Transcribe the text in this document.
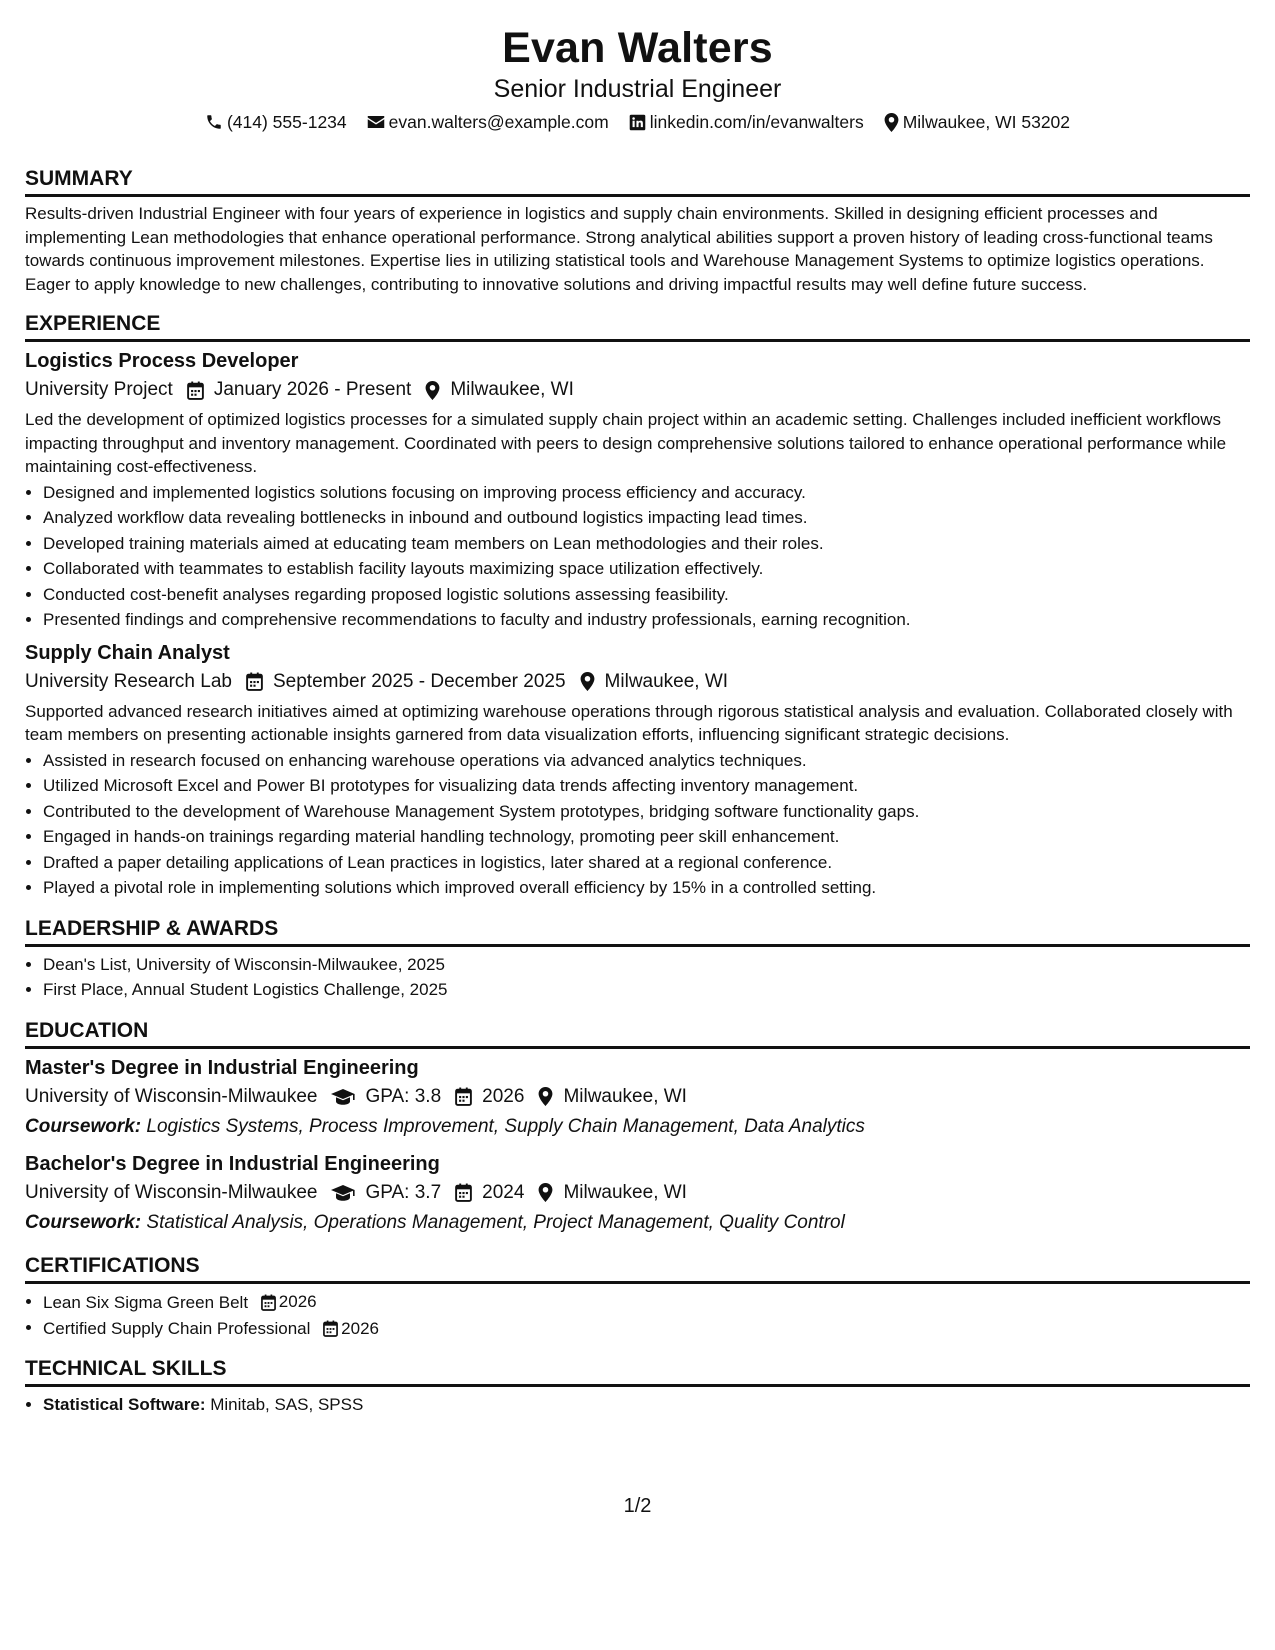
Evan Walters
Senior Industrial Engineer
(414) 555-1234 evan.walters@example.com linkedin.com/in/evanwalters Milwaukee, WI 53202
SUMMARY

Results-driven Industrial Engineer with four years of experience in logistics and supply chain environments. Skilled in designing efficient processes and implementing Lean methodologies that enhance operational performance. Strong analytical abilities support a proven history of leading cross-functional teams towards continuous improvement milestones. Expertise lies in utilizing statistical tools and Warehouse Management Systems to optimize logistics operations. Eager to apply knowledge to new challenges, contributing to innovative solutions and driving impactful results may well define future success.

EXPERIENCE
Logistics Process Developer
University Project January 2026 - Present Milwaukee, WI

Led the development of optimized logistics processes for a simulated supply chain project within an academic setting. Challenges included inefficient workflows impacting throughput and inventory management. Coordinated with peers to design comprehensive solutions tailored to enhance operational performance while maintaining cost-effectiveness.

• Designed and implemented logistics solutions focusing on improving process efficiency and accuracy.
• Analyzed workflow data revealing bottlenecks in inbound and outbound logistics impacting lead times.
• Developed training materials aimed at educating team members on Lean methodologies and their roles.
• Collaborated with teammates to establish facility layouts maximizing space utilization effectively.
• Conducted cost-benefit analyses regarding proposed logistic solutions assessing feasibility.
• Presented findings and comprehensive recommendations to faculty and industry professionals, earning recognition.
Supply Chain Analyst
University Research Lab September 2025 - December 2025 Milwaukee, WI

Supported advanced research initiatives aimed at optimizing warehouse operations through rigorous statistical analysis and evaluation. Collaborated closely with team members on presenting actionable insights garnered from data visualization efforts, influencing significant strategic decisions.

• Assisted in research focused on enhancing warehouse operations via advanced analytics techniques.
• Utilized Microsoft Excel and Power BI prototypes for visualizing data trends affecting inventory management.
• Contributed to the development of Warehouse Management System prototypes, bridging software functionality gaps.
• Engaged in hands-on trainings regarding material handling technology, promoting peer skill enhancement.
• Drafted a paper detailing applications of Lean practices in logistics, later shared at a regional conference.
• Played a pivotal role in implementing solutions which improved overall efficiency by 15% in a controlled setting.
LEADERSHIP & AWARDS
• Dean's List, University of Wisconsin-Milwaukee, 2025
• First Place, Annual Student Logistics Challenge, 2025
EDUCATION
Master's Degree in Industrial Engineering
University of Wisconsin-Milwaukee	GPA: 3.8 2026 Milwaukee, WI
Coursework: Logistics Systems, Process Improvement, Supply Chain Management, Data Analytics
Bachelor's Degree in Industrial Engineering
University of Wisconsin-Milwaukee	GPA: 3.7 2024 Milwaukee, WI
Coursework: Statistical Analysis, Operations Management, Project Management, Quality Control
CERTIFICATIONS
• Lean Six Sigma Green Belt 2026
• Certified Supply Chain Professional 2026
TECHNICAL SKILLS
• Statistical Software: Minitab, SAS, SPSS
1/2
